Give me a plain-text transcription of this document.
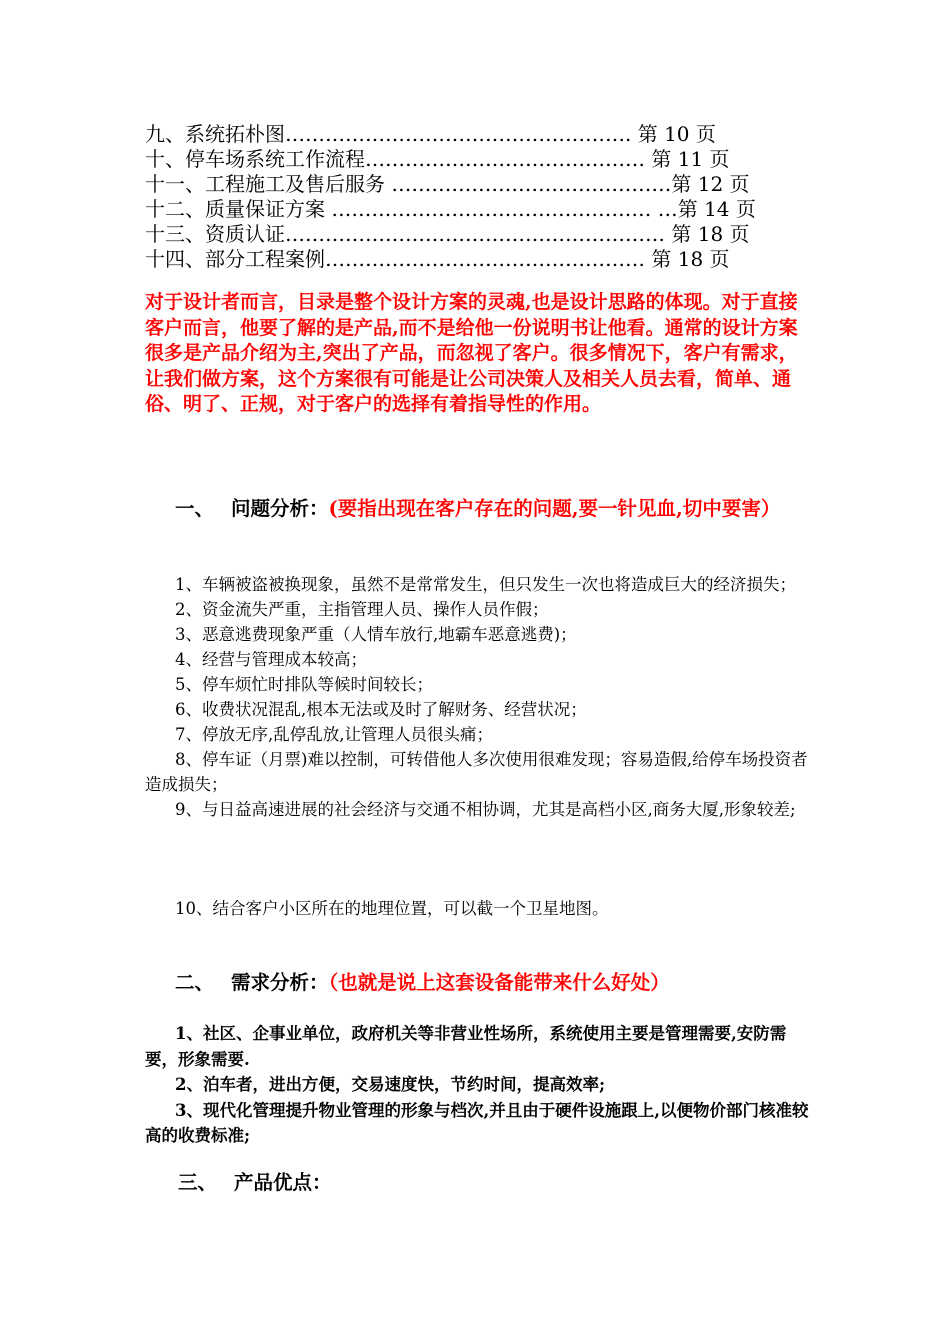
九、系统拓朴图……………………………………………. 第 10 页
十、停车场系统工作流程…………………………………… 第 11 页
十一、工程施工及售后服务 ……………………………………第 12 页
十二、质量保证方案 ………………………………………… …第 14 页
十三、资质认证………………………………………………… 第 18 页
十四、部分工程案例………………………………………… 第 18 页
对于设计者而言，目录是整个设计方案的灵魂,也是设计思路的体现。对于直接客户而言，他要了解的是产品,而不是给他一份说明书让他看。通常的设计方案很多是产品介绍为主,突出了产品，而忽视了客户。很多情况下，客户有需求，让我们做方案，这个方案很有可能是让公司决策人及相关人员去看，简单、通俗、明了、正规，对于客户的选择有着指导性的作用。
一、 问题分析：(要指出现在客户存在的问题,要一针见血,切中要害）
1、车辆被盗被换现象，虽然不是常常发生，但只发生一次也将造成巨大的经济损失；
2、资金流失严重，主指管理人员、操作人员作假；
3、恶意逃费现象严重（人情车放行,地霸车恶意逃费)；
4、经营与管理成本较高；
5、停车烦忙时排队等候时间较长；
6、收费状况混乱,根本无法或及时了解财务、经营状况；
7、停放无序,乱停乱放,让管理人员很头痛；
8、停车证（月票)难以控制，可转借他人多次使用很难发现；容易造假,给停车场投资者造成损失；
9、与日益高速进展的社会经济与交通不相协调，尤其是高档小区,商务大厦,形象较差;
10、结合客户小区所在的地理位置，可以截一个卫星地图。
二、 需求分析：（也就是说上这套设备能带来什么好处）
1、社区、企事业单位，政府机关等非营业性场所，系统使用主要是管理需要,安防需要，形象需要.
2、泊车者，进出方便，交易速度快，节约时间，提高效率;
3、现代化管理提升物业管理的形象与档次,并且由于硬件设施跟上,以便物价部门核准较高的收费标准;
三、 产品优点：
